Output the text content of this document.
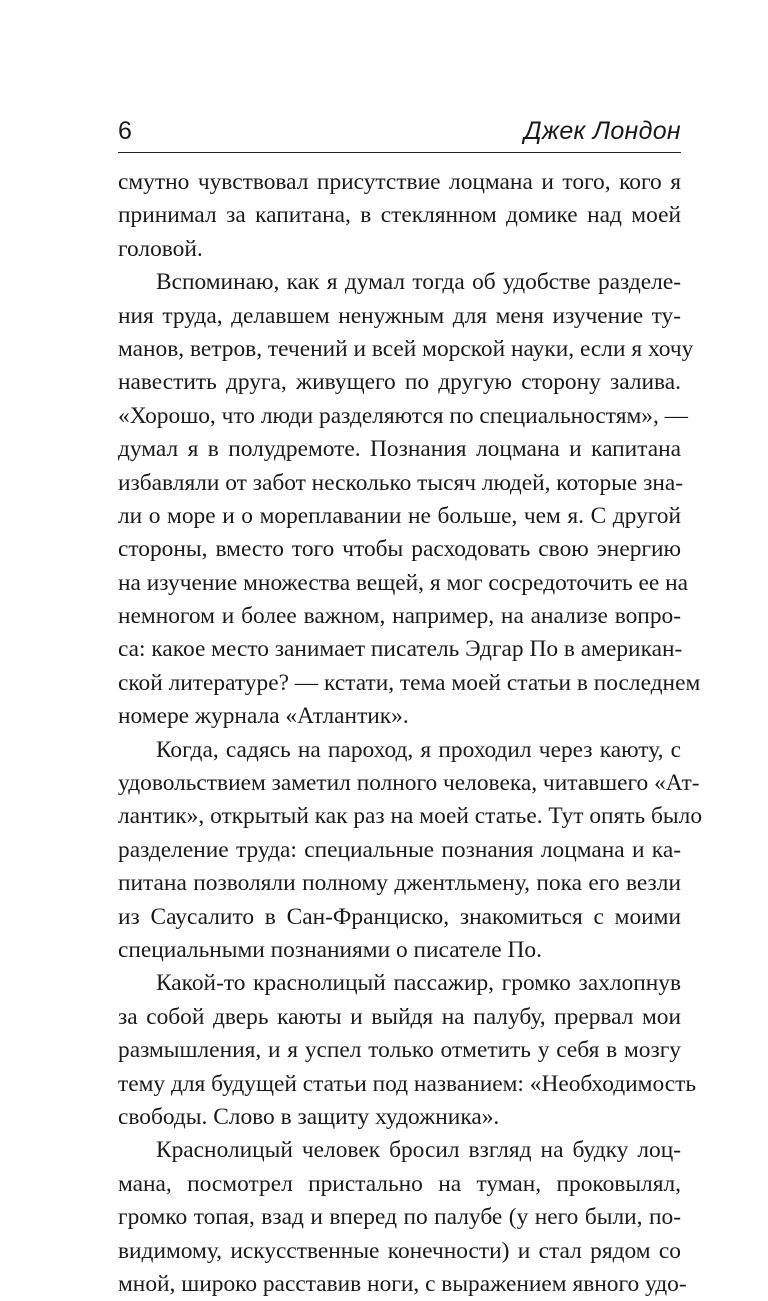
6	Джек Лондон
смутно чувствовал присутствие лоцмана и того, кого я
принимал за капитана, в стеклянном домике над моей
головой.
Вспоминаю, как я думал тогда об удобстве разделе-
ния труда, делавшем ненужным для меня изучение ту-
манов, ветров, течений и всей морской науки, если я хочу
навестить друга, живущего по другую сторону залива.
«Хорошо, что люди разделяются по специальностям», —
думал я в полудремоте. Познания лоцмана и капитана
избавляли от забот несколько тысяч людей, которые зна-
ли о море и о мореплавании не больше, чем я. С другой
стороны, вместо того чтобы расходовать свою энергию
на изучение множества вещей, я мог сосредоточить ее на
немногом и более важном, например, на анализе вопро-
са: какое место занимает писатель Эдгар По в американ-
ской литературе? — кстати, тема моей статьи в последнем
номере журнала «Атлантик».
Когда, садясь на пароход, я проходил через каюту, с
удовольствием заметил полного человека, читавшего «Ат-
лантик», открытый как раз на моей статье. Тут опять было
разделение труда: специальные познания лоцмана и ка-
питана позволяли полному джентльмену, пока его везли
из Саусалито в Сан-Франциско, знакомиться с моими
специальными познаниями о писателе По.
Какой-то краснолицый пассажир, громко захлопнув
за собой дверь каюты и выйдя на палубу, прервал мои
размышления, и я успел только отметить у себя в мозгу
тему для будущей статьи под названием: «Необходимость
свободы. Слово в защиту художника».
Краснолицый человек бросил взгляд на будку лоц-
мана, посмотрел пристально на туман, проковылял,
громко топая, взад и вперед по палубе (у него были, по-
видимому, искусственные конечности) и стал рядом со
мной, широко расставив ноги, с выражением явного удо-
